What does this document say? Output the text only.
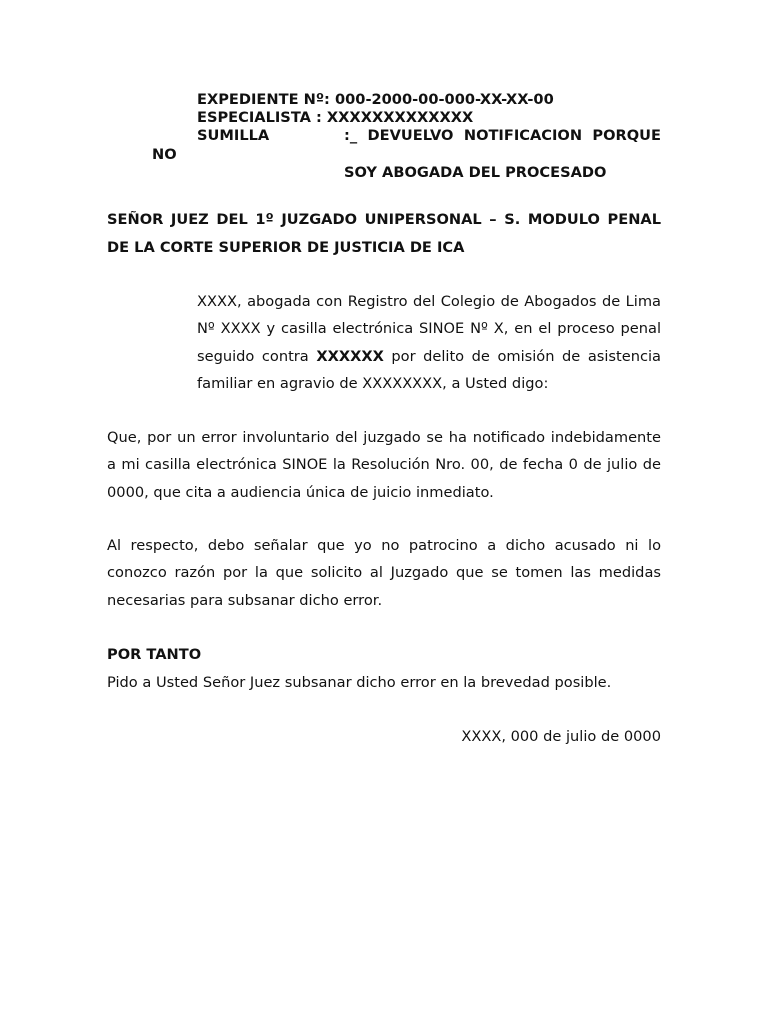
EXPEDIENTE Nº: 000-2000-00-000-XX-XX-00
ESPECIALISTA : XXXXXXXXXXXXX
SUMILLA	:_ DEVUELVO NOTIFICACION PORQUE
NO
SOY ABOGADA DEL PROCESADO

SEÑOR JUEZ DEL 1º JUZGADO UNIPERSONAL – S. MODULO PENAL DE LA CORTE SUPERIOR DE JUSTICIA DE ICA

XXXX, abogada con Registro del Colegio de Abogados de Lima Nº XXXX y casilla electrónica SINOE Nº X, en el proceso penal seguido contra XXXXXX por delito de omisión de asistencia familiar en agravio de XXXXXXXX, a Usted digo:

Que, por un error involuntario del juzgado se ha notificado indebidamente a mi casilla electrónica SINOE la Resolución Nro. 00, de fecha 0 de julio de 0000, que cita a audiencia única de juicio inmediato.

Al respecto, debo señalar que yo no patrocino a dicho acusado ni lo conozco razón por la que solicito al Juzgado que se tomen las medidas necesarias para subsanar dicho error.

POR TANTO
Pido a Usted Señor Juez subsanar dicho error en la brevedad posible.
XXXX, 000 de julio de 0000
